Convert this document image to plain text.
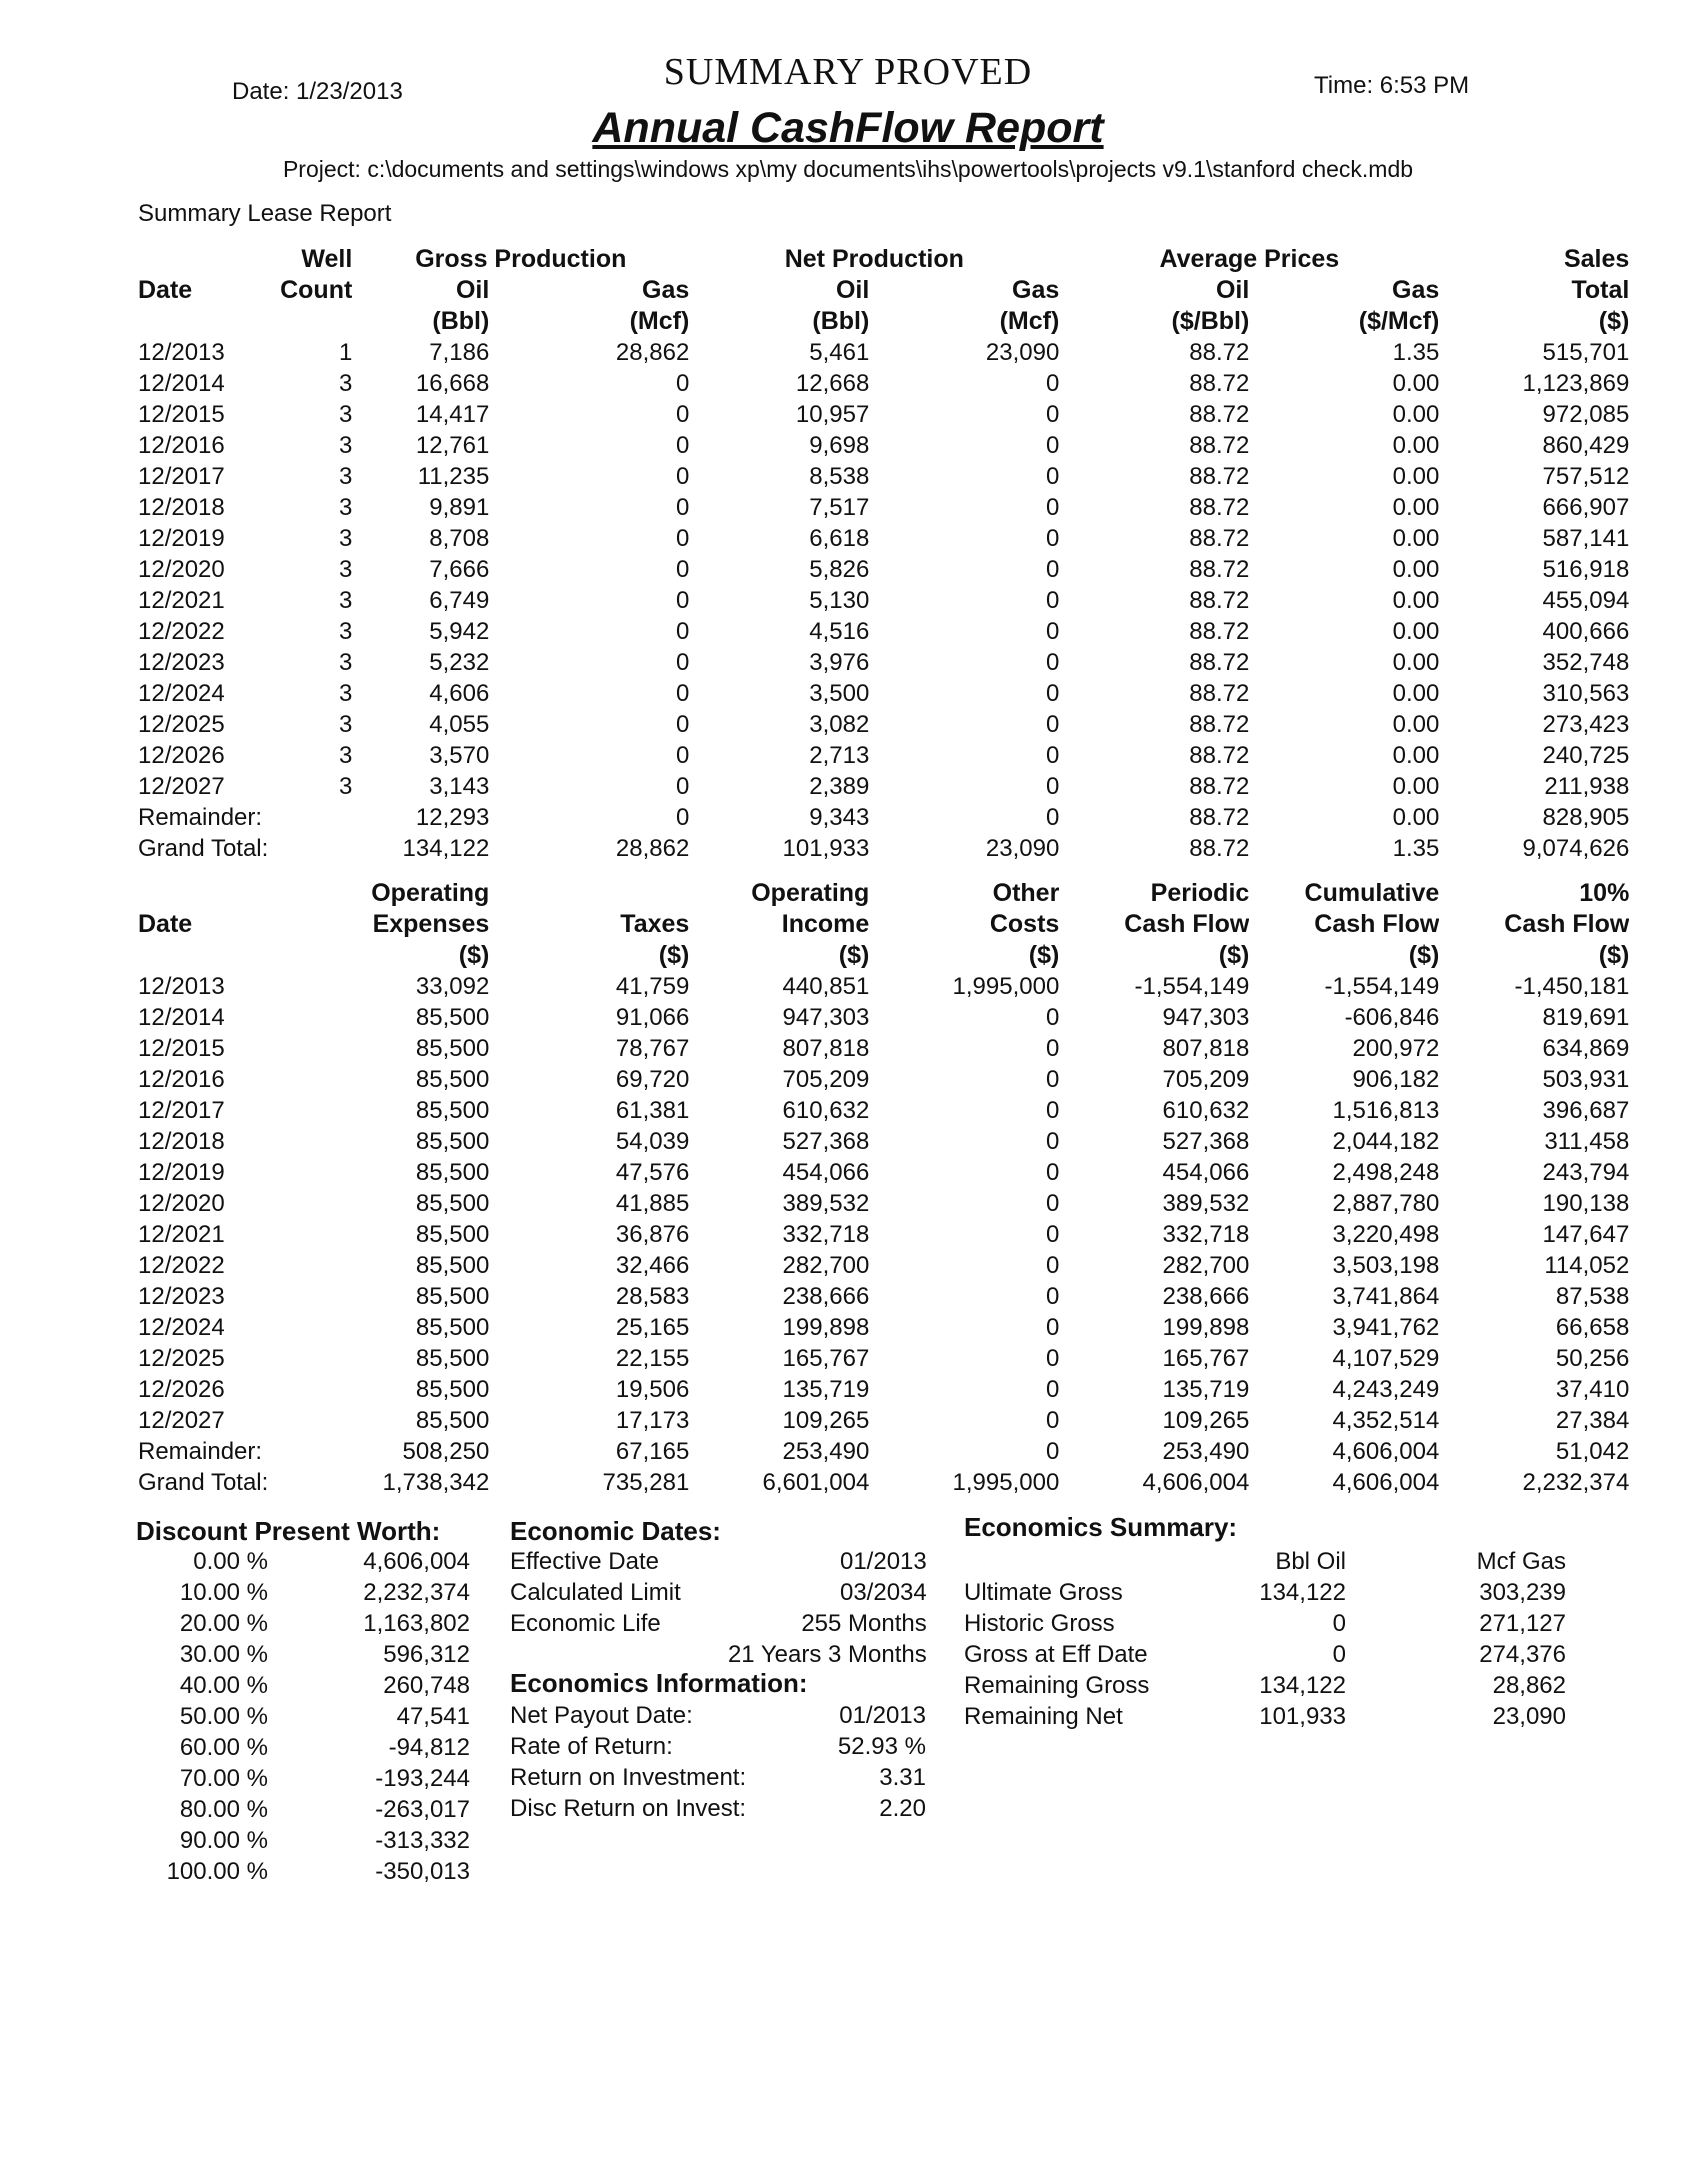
Date: 1/23/2013	SUMMARY PROVED	Time: 6:53 PM
Annual CashFlow Report
Project: c:\documents and settings\windows xp\my documents\ihs\powertools\projects v9.1\stanford check.mdb
Summary Lease Report
	Well	Gross Production		Net Production		Average Prices		Sales
Date	Count	Oil	Gas	Oil	Gas	Oil	Gas	Total
		(Bbl)	(Mcf)	(Bbl)	(Mcf)	($/Bbl)	($/Mcf)	($)
12/2013	1	7,186	28,862	5,461	23,090	88.72	1.35	515,701
12/2014	3	16,668	0	12,668	0	88.72	0.00	1,123,869
12/2015	3	14,417	0	10,957	0	88.72	0.00	972,085
12/2016	3	12,761	0	9,698	0	88.72	0.00	860,429
12/2017	3	11,235	0	8,538	0	88.72	0.00	757,512
12/2018	3	9,891	0	7,517	0	88.72	0.00	666,907
12/2019	3	8,708	0	6,618	0	88.72	0.00	587,141
12/2020	3	7,666	0	5,826	0	88.72	0.00	516,918
12/2021	3	6,749	0	5,130	0	88.72	0.00	455,094
12/2022	3	5,942	0	4,516	0	88.72	0.00	400,666
12/2023	3	5,232	0	3,976	0	88.72	0.00	352,748
12/2024	3	4,606	0	3,500	0	88.72	0.00	310,563
12/2025	3	4,055	0	3,082	0	88.72	0.00	273,423
12/2026	3	3,570	0	2,713	0	88.72	0.00	240,725
12/2027	3	3,143	0	2,389	0	88.72	0.00	211,938
Remainder:		12,293	0	9,343	0	88.72	0.00	828,905
Grand Total:		134,122	28,862	101,933	23,090	88.72	1.35	9,074,626
	Operating		Operating	Other	Periodic	Cumulative	10%
Date	Expenses	Taxes	Income	Costs	Cash Flow	Cash Flow	Cash Flow
	($)	($)	($)	($)	($)	($)	($)
12/2013	33,092	41,759	440,851	1,995,000	-1,554,149	-1,554,149	-1,450,181
12/2014	85,500	91,066	947,303	0	947,303	-606,846	819,691
12/2015	85,500	78,767	807,818	0	807,818	200,972	634,869
12/2016	85,500	69,720	705,209	0	705,209	906,182	503,931
12/2017	85,500	61,381	610,632	0	610,632	1,516,813	396,687
12/2018	85,500	54,039	527,368	0	527,368	2,044,182	311,458
12/2019	85,500	47,576	454,066	0	454,066	2,498,248	243,794
12/2020	85,500	41,885	389,532	0	389,532	2,887,780	190,138
12/2021	85,500	36,876	332,718	0	332,718	3,220,498	147,647
12/2022	85,500	32,466	282,700	0	282,700	3,503,198	114,052
12/2023	85,500	28,583	238,666	0	238,666	3,741,864	87,538
12/2024	85,500	25,165	199,898	0	199,898	3,941,762	66,658
12/2025	85,500	22,155	165,767	0	165,767	4,107,529	50,256
12/2026	85,500	19,506	135,719	0	135,719	4,243,249	37,410
12/2027	85,500	17,173	109,265	0	109,265	4,352,514	27,384
Remainder:	508,250	67,165	253,490	0	253,490	4,606,004	51,042
Grand Total:	1,738,342	735,281	6,601,004	1,995,000	4,606,004	4,606,004	2,232,374
Discount Present Worth:
0.00 %	4,606,004
10.00 %	2,232,374
20.00 %	1,163,802
30.00 %	596,312
40.00 %	260,748
50.00 %	47,541
60.00 %	-94,812
70.00 %	-193,244
80.00 %	-263,017
90.00 %	-313,332
100.00 %	-350,013
Economic Dates:
Effective Date	01/2013
Calculated Limit	03/2034
Economic Life	255 Months
	21 Years 3 Months
Economics Information:
Net Payout Date:	01/2013
Rate of Return:	52.93 %
Return on Investment:	3.31
Disc Return on Invest:	2.20
Economics Summary:
	Bbl Oil	Mcf Gas
Ultimate Gross	134,122	303,239
Historic Gross	0	271,127
Gross at Eff Date	0	274,376
Remaining Gross	134,122	28,862
Remaining Net	101,933	23,090
